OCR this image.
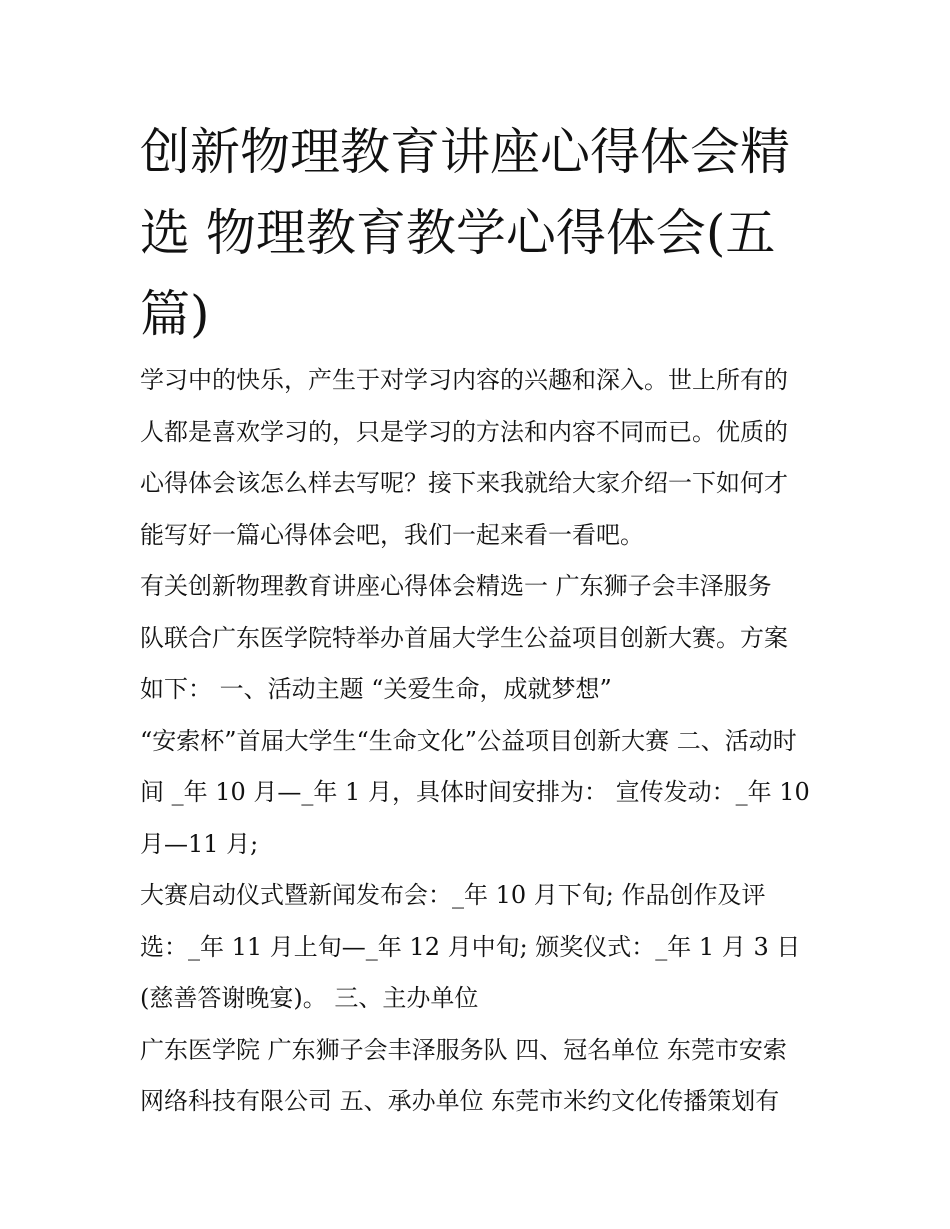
创新物理教育讲座心得体会精
选 物理教育教学心得体会(五
篇)
学习中的快乐，产生于对学习内容的兴趣和深入。世上所有的
人都是喜欢学习的，只是学习的方法和内容不同而已。优质的
心得体会该怎么样去写呢？接下来我就给大家介绍一下如何才
能写好一篇心得体会吧，我们一起来看一看吧。
有关创新物理教育讲座心得体会精选一 广东狮子会丰泽服务
队联合广东医学院特举办首届大学生公益项目创新大赛。方案
如下： 一、活动主题 “关爱生命，成就梦想”
“安索杯”首届大学生“生命文化”公益项目创新大赛 二、活动时
间 _年 10 月—_年 1 月，具体时间安排为： 宣传发动：_年 10
月—11 月;
大赛启动仪式暨新闻发布会：_年 10 月下旬; 作品创作及评
选：_年 11 月上旬—_年 12 月中旬; 颁奖仪式：_年 1 月 3 日
(慈善答谢晚宴)。 三、主办单位
广东医学院 广东狮子会丰泽服务队 四、冠名单位 东莞市安索
网络科技有限公司 五、承办单位 东莞市米约文化传播策划有
